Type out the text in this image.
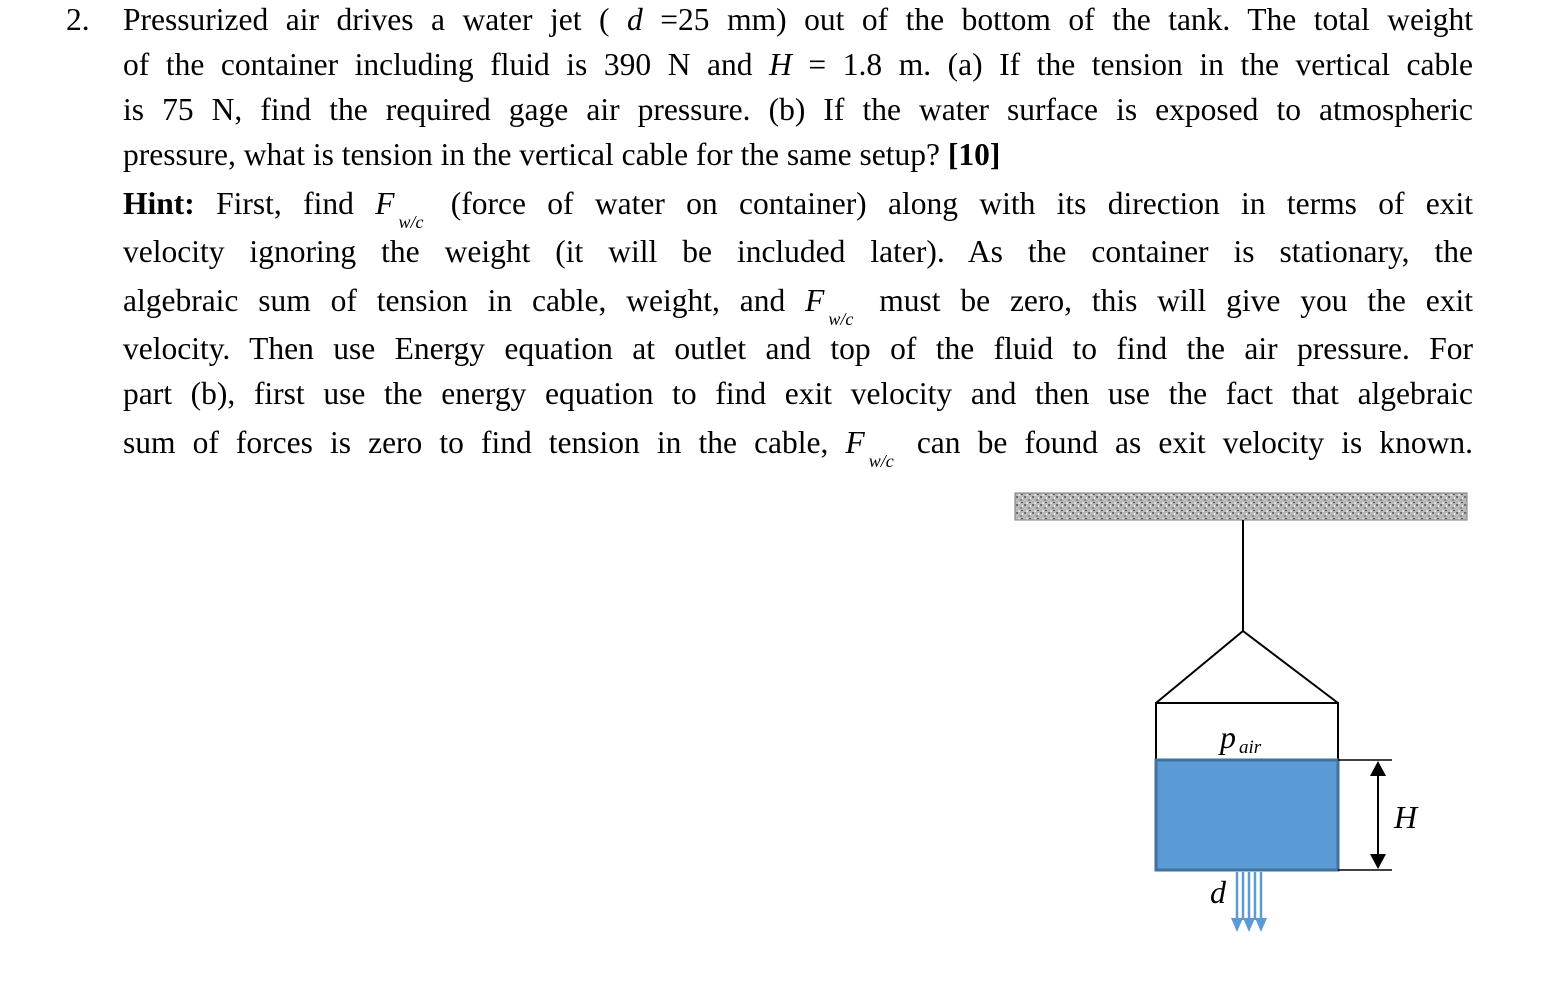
2. Pressurized air drives a water jet ( d =25 mm) out of the bottom of the tank. The total weight
of the container including fluid is 390 N and H = 1.8 m. (a) If the tension in the vertical cable
is 75 N, find the required gage air pressure. (b) If the water surface is exposed to atmospheric
pressure, what is tension in the vertical cable for the same setup? [10]
Hint: First, find $F_{w/c}$ (force of water on container) along with its direction in terms of exit
velocity ignoring the weight (it will be included later). As the container is stationary, the
algebraic sum of tension in cable, weight, and $F_{w/c}$ must be zero, this will give you the exit
velocity. Then use Energy equation at outlet and top of the fluid to find the air pressure. For
part (b), first use the energy equation to find exit velocity and then use the fact that algebraic
sum of forces is zero to find tension in the cable, $F_{w/c}$ can be found as exit velocity is known.
p air
H
d
